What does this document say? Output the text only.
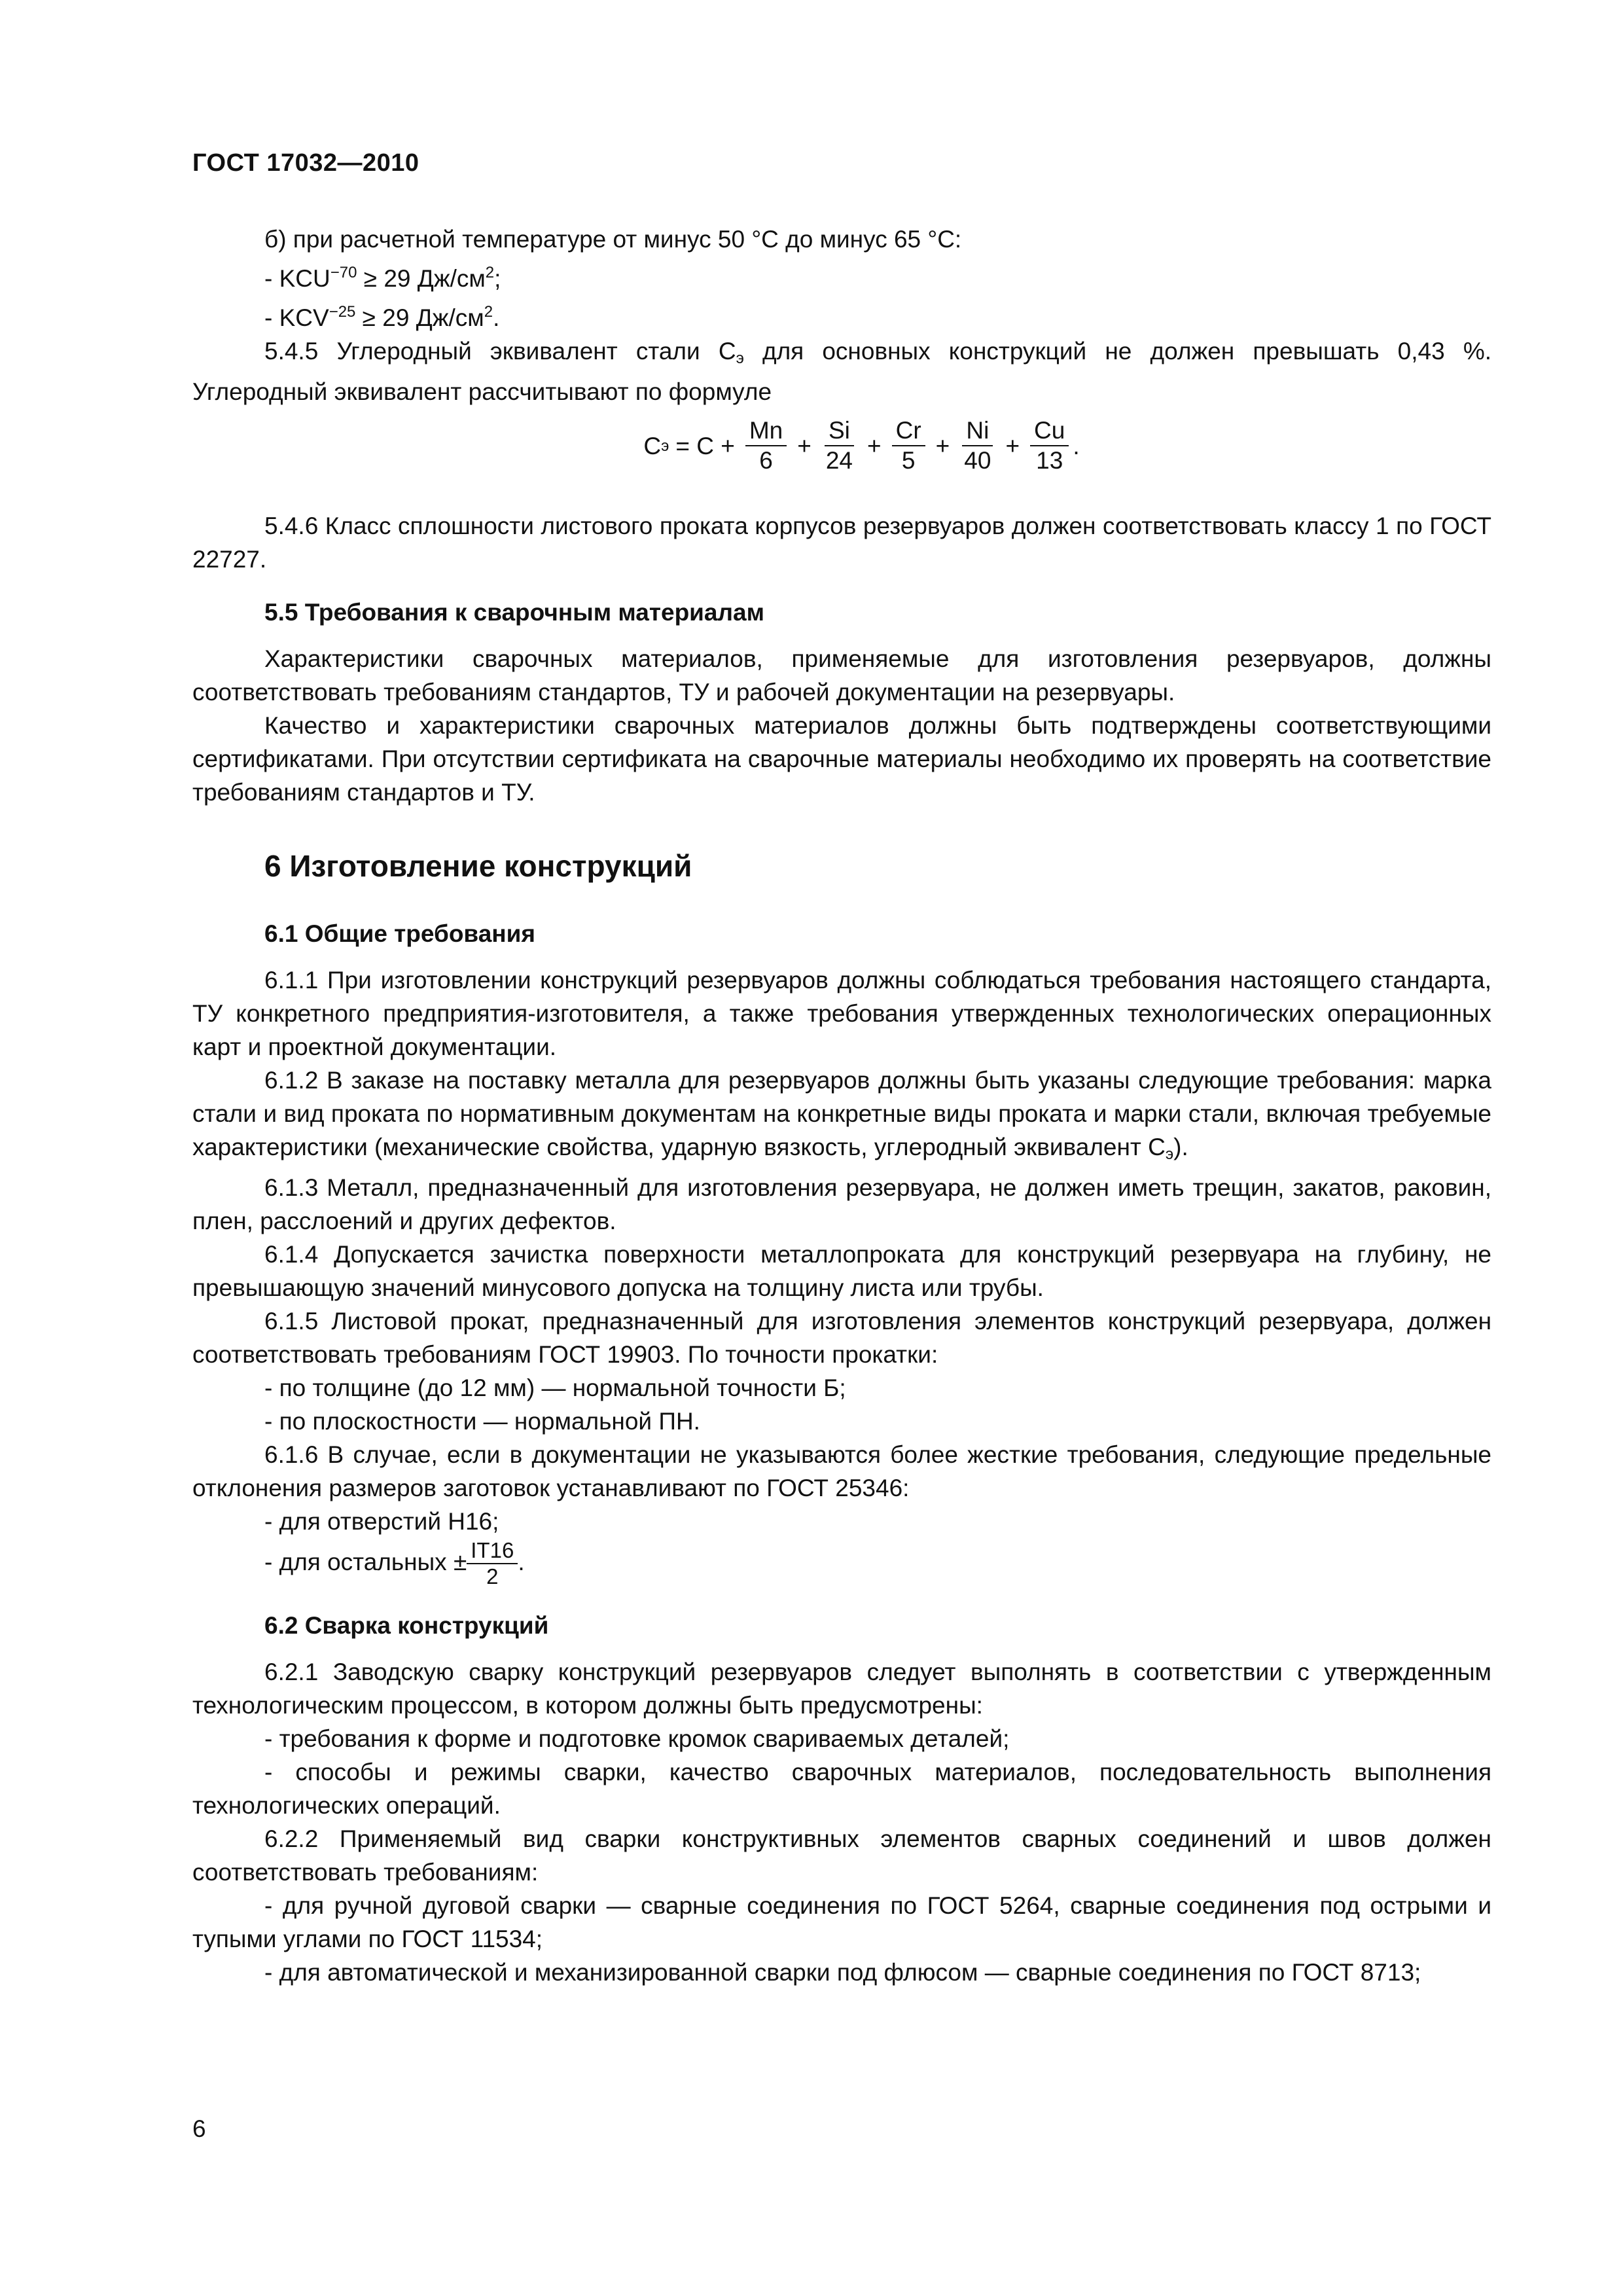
ГОСТ 17032—2010

б) при расчетной температуре от минус 50 °С до минус 65 °С:

- $KCU^{-70} \ge 29$ $Дж/см^2$;

- $KCV^{-25} \ge 29$ $Дж/см^2$.

5.4.5 Углеродный эквивалент стали $С_э$ для основных конструкций не должен превышать 0,43 %. Углеродный эквивалент рассчитывают по формуле

С $э = С + \frac{Mn}{6} + \frac{Si}{24} + \frac{Cr}{5} + \frac{Ni}{40} + \frac{Cu}{13}$ .

5.4.6 Класс сплошности листового проката корпусов резервуаров должен соответствовать классу 1 по ГОСТ 22727.

5.5 Требования к сварочным материалам

Характеристики сварочных материалов, применяемые для изготовления резервуаров, должны соответствовать требованиям стандартов, ТУ и рабочей документации на резервуары.

Качество и характеристики сварочных материалов должны быть подтверждены соответствующими сертификатами. При отсутствии сертификата на сварочные материалы необходимо их проверять на соответствие требованиям стандартов и ТУ.

6 Изготовление конструкций

6.1 Общие требования

6.1.1 При изготовлении конструкций резервуаров должны соблюдаться требования настоящего стандарта, ТУ конкретного предприятия-изготовителя, а также требования утвержденных технологических операционных карт и проектной документации.

6.1.2 В заказе на поставку металла для резервуаров должны быть указаны следующие требования: марка стали и вид проката по нормативным документам на конкретные виды проката и марки стали, включая требуемые характеристики (механические свойства, ударную вязкость, углеродный эквивалент $С_э$).

6.1.3 Металл, предназначенный для изготовления резервуара, не должен иметь трещин, закатов, раковин, плен, расслоений и других дефектов.

6.1.4 Допускается зачистка поверхности металлопроката для конструкций резервуара на глубину, не превышающую значений минусового допуска на толщину листа или трубы.

6.1.5 Листовой прокат, предназначенный для изготовления элементов конструкций резервуара, должен соответствовать требованиям ГОСТ 19903. По точности прокатки:

- по толщине (до 12 мм) — нормальной точности Б;

- по плоскостности — нормальной ПН.

6.1.6 В случае, если в документации не указываются более жесткие требования, следующие предельные отклонения размеров заготовок устанавливают по ГОСТ 25346:

- для отверстий Н16;

- для остальных ± $\frac{IT16}{2}$ .

6.2 Сварка конструкций

6.2.1 Заводскую сварку конструкций резервуаров следует выполнять в соответствии с утвержденным технологическим процессом, в котором должны быть предусмотрены:

- требования к форме и подготовке кромок свариваемых деталей;

- способы и режимы сварки, качество сварочных материалов, последовательность выполнения технологических операций.

6.2.2 Применяемый вид сварки конструктивных элементов сварных соединений и швов должен соответствовать требованиям:

- для ручной дуговой сварки — сварные соединения по ГОСТ 5264, сварные соединения под острыми и тупыми углами по ГОСТ 11534;

- для автоматической и механизированной сварки под флюсом — сварные соединения по ГОСТ 8713;

6
